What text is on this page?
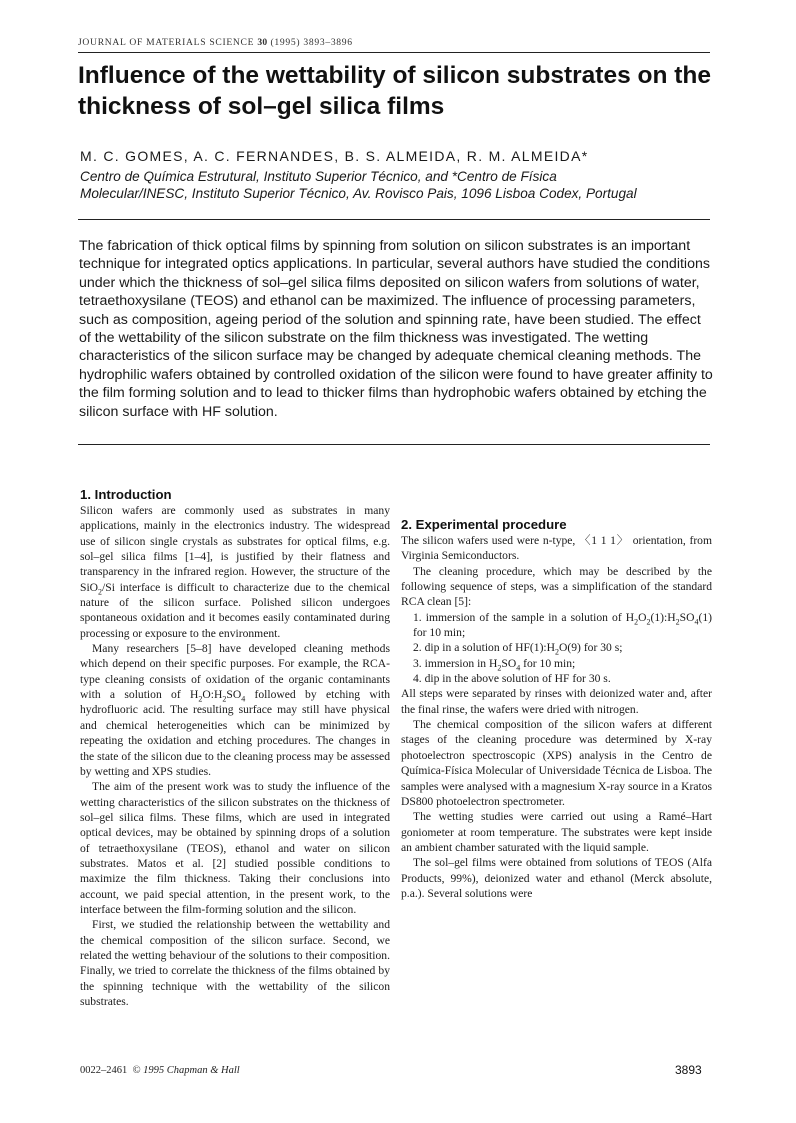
JOURNAL OF MATERIALS SCIENCE 30 (1995) 3893–3896
Influence of the wettability of silicon substrates on the thickness of sol–gel silica films
M. C. GOMES, A. C. FERNANDES, B. S. ALMEIDA, R. M. ALMEIDA*
Centro de Química Estrutural, Instituto Superior Técnico, and *Centro de Física
Molecular/INESC, Instituto Superior Técnico, Av. Rovisco Pais, 1096 Lisboa Codex, Portugal

The fabrication of thick optical films by spinning from solution on silicon substrates is an important technique for integrated optics applications. In particular, several authors have studied the conditions under which the thickness of sol–gel silica films deposited on silicon wafers from solutions of water, tetraethoxysilane (TEOS) and ethanol can be maximized. The influence of processing parameters, such as composition, ageing period of the solution and spinning rate, have been studied. The effect of the wettability of the silicon substrate on the film thickness was investigated. The wetting characteristics of the silicon surface may be changed by adequate chemical cleaning methods. The hydrophilic wafers obtained by controlled oxidation of the silicon were found to have greater affinity to the film forming solution and to lead to thicker films than hydrophobic wafers obtained by etching the silicon surface with HF solution.

1. Introduction

Silicon wafers are commonly used as substrates in many applications, mainly in the electronics industry. The widespread use of silicon single crystals as substrates for optical films, e.g. sol–gel silica films [1–4], is justified by their flatness and transparency in the infrared region. However, the structure of the SiO$_2$/Si interface is difficult to characterize due to the chemical nature of the silicon surface. Polished silicon undergoes spontaneous oxidation and it becomes easily contaminated during processing or exposure to the environment.

Many researchers [5–8] have developed cleaning methods which depend on their specific purposes. For example, the RCA-type cleaning consists of oxidation of the organic contaminants with a solution of $H_2O:H_2SO_4$ followed by etching with hydrofluoric acid. The resulting surface may still have physical and chemical heterogeneities which can be minimized by repeating the oxidation and etching procedures. The changes in the state of the silicon due to the cleaning process may be assessed by wetting and XPS studies.

The aim of the present work was to study the influence of the wetting characteristics of the silicon substrates on the thickness of sol–gel silica films. These films, which are used in integrated optical devices, may be obtained by spinning drops of a solution of tetraethoxysilane (TEOS), ethanol and water on silicon substrates. Matos et al. [2] studied possible conditions to maximize the film thickness. Taking their conclusions into account, we paid special attention, in the present work, to the interface between the film-forming solution and the silicon.

First, we studied the relationship between the wettability and the chemical composition of the silicon surface. Second, we related the wetting behaviour of the solutions to their composition. Finally, we tried to correlate the thickness of the films obtained by the spinning technique with the wettability of the silicon substrates.

2. Experimental procedure

The silicon wafers used were n-type, 〈1 1 1〉 orientation, from Virginia Semiconductors.

The cleaning procedure, which may be described by the following sequence of steps, was a simplification of the standard RCA clean [5]:

1. immersion of the sample in a solution of $H_2O_2(1):H_2SO_4(1)$ for 10 min;

2. dip in a solution of $HF(1):H_2O(9)$ for 30 s;

3. immersion in $H_2SO_4$ for 10 min;

4. dip in the above solution of HF for 30 s.

All steps were separated by rinses with deionized water and, after the final rinse, the wafers were dried with nitrogen.

The chemical composition of the silicon wafers at different stages of the cleaning procedure was determined by X-ray photoelectron spectroscopic (XPS) analysis in the Centro de Química-Física Molecular of Universidade Técnica de Lisboa. The samples were analysed with a magnesium X-ray source in a Kratos DS800 photoelectron spectrometer.

The wetting studies were carried out using a Ramé–Hart goniometer at room temperature. The substrates were kept inside an ambient chamber saturated with the liquid sample.

The sol–gel films were obtained from solutions of TEOS (Alfa Products, 99%), deionized water and ethanol (Merck absolute, p.a.). Several solutions were

0022–2461 © 1995 Chapman & Hall	3893
